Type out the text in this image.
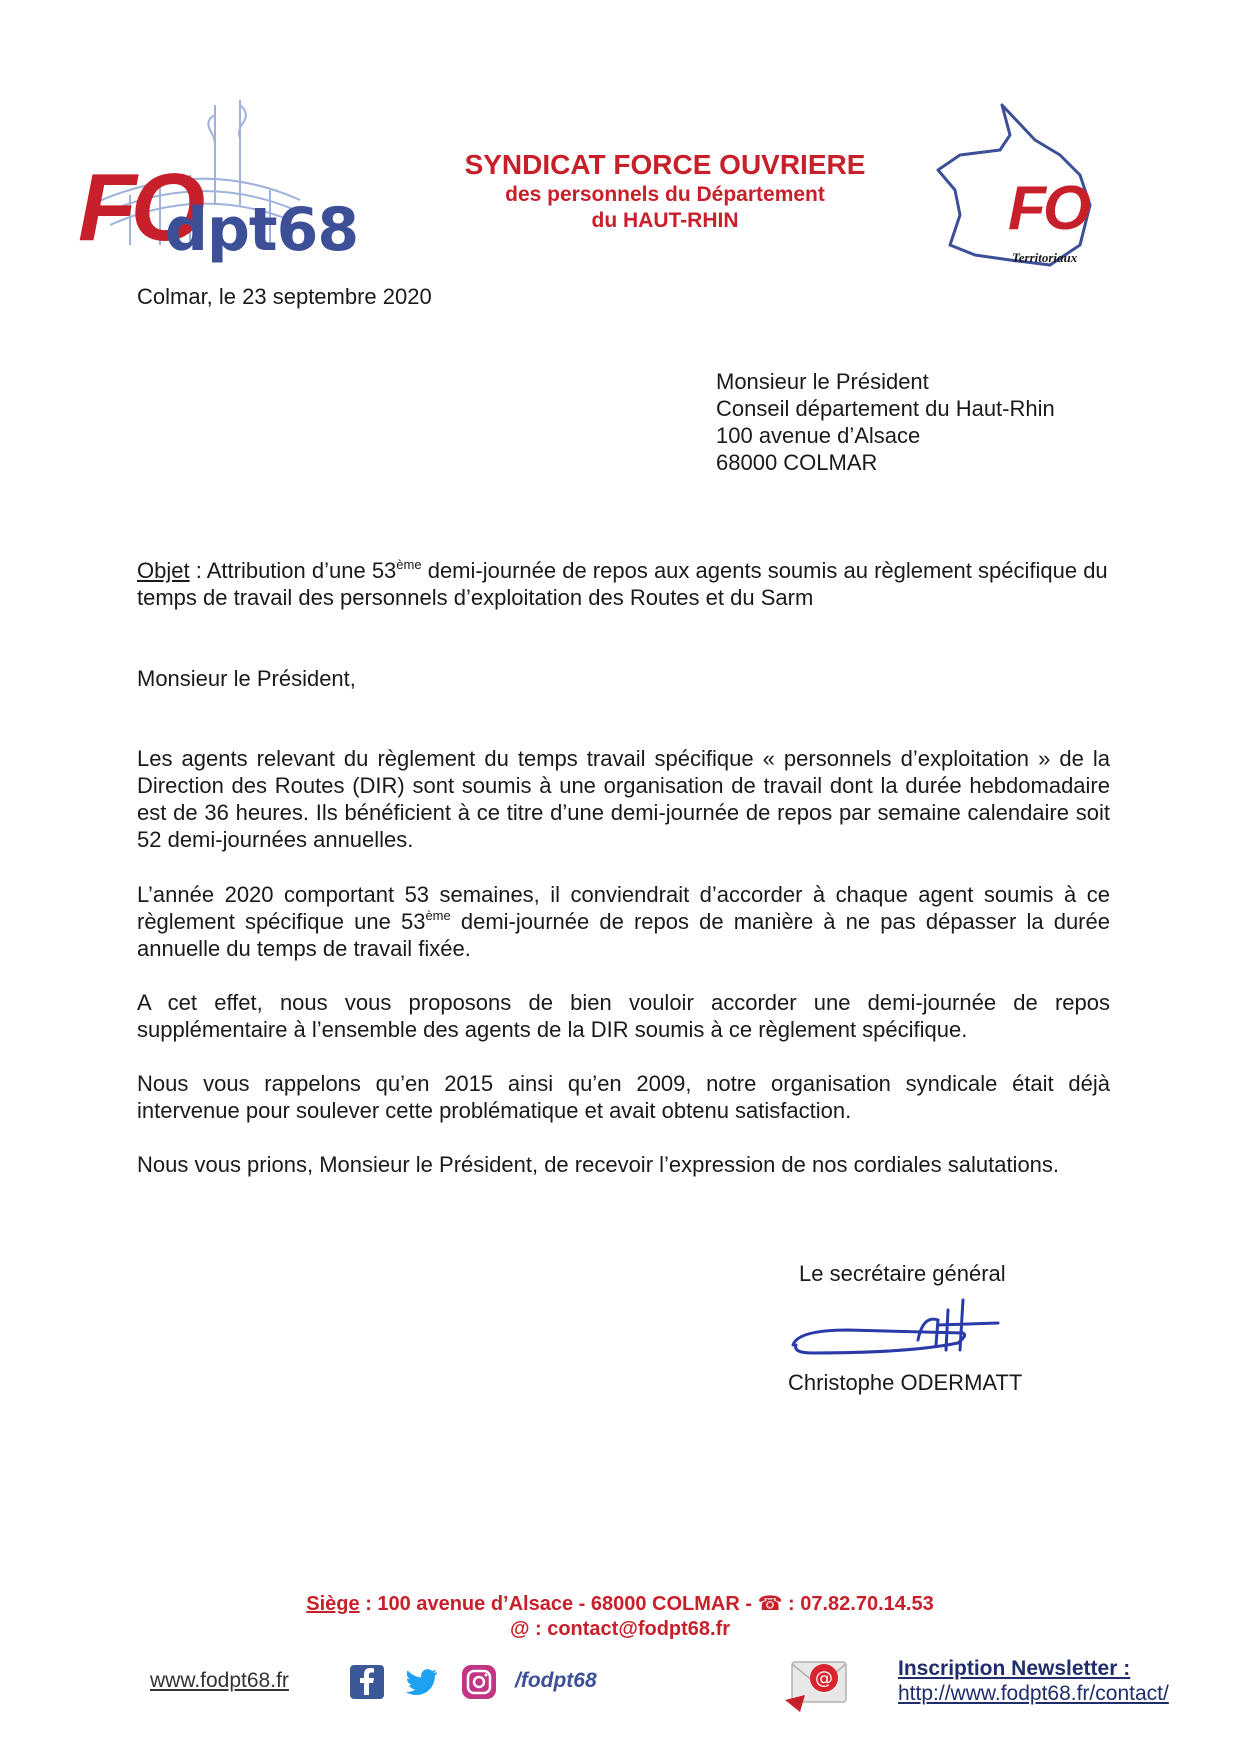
FO
dpt68
SYNDICAT FORCE OUVRIERE
des personnels du Département
du HAUT-RHIN	FO
Territoriaux
Colmar, le 23 septembre 2020
Monsieur le Président
Conseil département du Haut-Rhin
100 avenue d’Alsace
68000 COLMAR
Objet : Attribution d’une 53ème demi-journée de repos aux agents soumis au règlement spécifique du temps de travail des personnels d’exploitation des Routes et du Sarm
Monsieur le Président,
Les agents relevant du règlement du temps travail spécifique « personnels d’exploitation » de la Direction des Routes (DIR) sont soumis à une organisation de travail dont la durée hebdomadaire est de 36 heures. Ils bénéficient à ce titre d’une demi-journée de repos par semaine calendaire soit 52 demi-journées annuelles.
L’année 2020 comportant 53 semaines, il conviendrait d’accorder à chaque agent soumis à ce règlement spécifique une 53ème demi-journée de repos de manière à ne pas dépasser la durée annuelle du temps de travail fixée.
A cet effet, nous vous proposons de bien vouloir accorder une demi-journée de repos supplémentaire à l’ensemble des agents de la DIR soumis à ce règlement spécifique.
Nous vous rappelons qu’en 2015 ainsi qu’en 2009, notre organisation syndicale était déjà intervenue pour soulever cette problématique et avait obtenu satisfaction.
Nous vous prions, Monsieur le Président, de recevoir l’expression de nos cordiales salutations.
Le secrétaire général
Christophe ODERMATT
Siège : 100 avenue d’Alsace - 68000 COLMAR - ☎ : 07.82.70.14.53
@ : contact@fodpt68.fr
www.fodpt68.fr	/fodpt68	@	Inscription Newsletter :
http://www.fodpt68.fr/contact/
